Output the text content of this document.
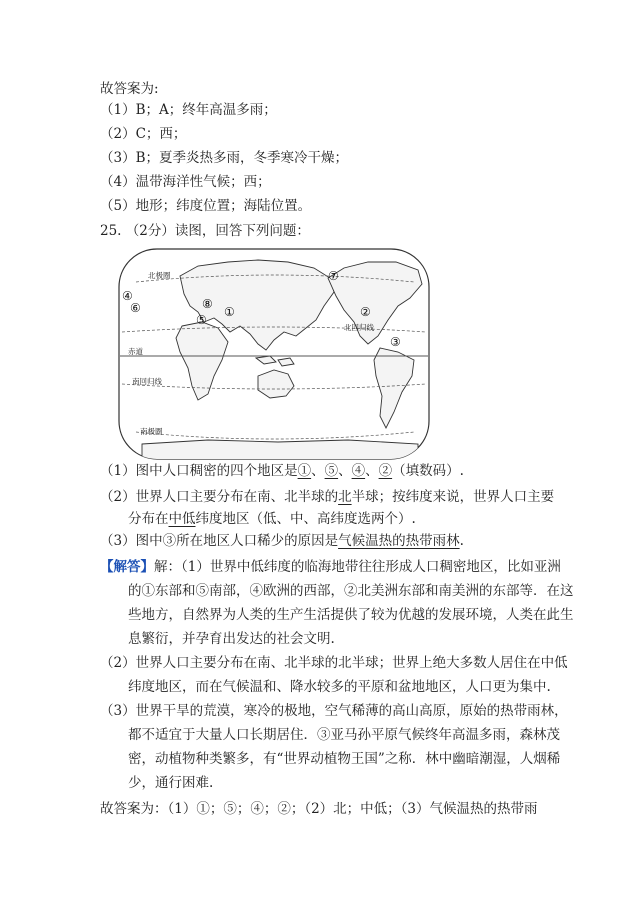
故答案为:
（1）B；A；终年高温多雨；
（2）C；西；
（3）B；夏季炎热多雨，冬季寒冷干燥；
（4）温带海洋性气候；西；
（5）地形；纬度位置；海陆位置。
25. （2分）读图，回答下列问题：
北极圈
北回归线
赤道
南回归线
南极圈
①	②
③
④
⑤
⑥
⑦
⑧
（1）图中人口稠密的四个地区是①、⑤、④、②（填数码）.
（2）世界人口主要分布在南、北半球的北半球；按纬度来说，世界人口主要
分布在中低纬度地区（低、中、高纬度选两个）.
（3）图中③所在地区人口稀少的原因是气候温热的热带雨林.
【解答】解：（1）世界中低纬度的临海地带往往形成人口稠密地区，比如亚洲
的①东部和⑤南部，④欧洲的西部，②北美洲东部和南美洲的东部等．在这
些地方，自然界为人类的生产生活提供了较为优越的发展环境，人类在此生
息繁衍，并孕育出发达的社会文明.
（2）世界人口主要分布在南、北半球的北半球；世界上绝大多数人居住在中低
纬度地区，而在气候温和、降水较多的平原和盆地地区，人口更为集中.
（3）世界干旱的荒漠，寒冷的极地，空气稀薄的高山高原，原始的热带雨林，
都不适宜于大量人口长期居住．③亚马孙平原气候终年高温多雨，森林茂
密，动植物种类繁多，有“世界动植物王国”之称．林中幽暗潮湿，人烟稀
少，通行困难.
故答案为：（1）①；⑤；④；②；（2）北；中低；（3）气候温热的热带雨
